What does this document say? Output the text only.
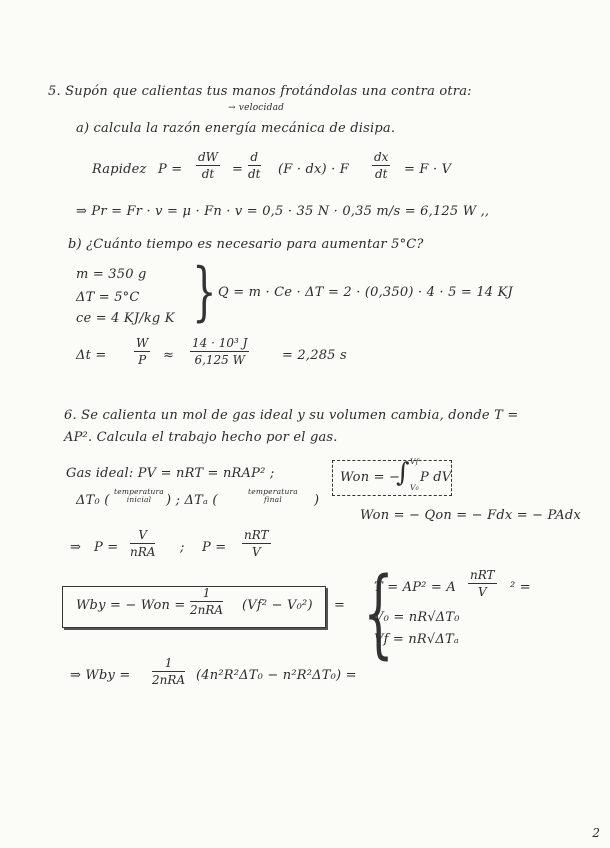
5. Supón que calientas tus manos frotándolas una contra otra:
→ velocidad
a) calcula la razón energía mecánica de disipa.
Rapidez P =
dW
dt =
d
dt (F · dx) · F
dx
dt = F · V
⇒ Pr = Fr · v = μ · Fn · v = 0,5 · 35 N · 0,35 m/s = 6,125 W ,,
b) ¿Cuánto tiempo es necesario para aumentar 5°C?
m = 350 g
ΔT = 5°C
ce = 4 KJ/kg K } Q = m · Ce · ΔT = 2 · (0,350) · 4 · 5 = 14 KJ
Δt =
W
P ≈
14 · 10³ J
6,125 W	= 2,285 s
6. Se calienta un mol de gas ideal y su volumen cambia, donde T =
AP². Calcula el trabajo hecho por el gas.
Gas ideal: PV = nRT = nRAP² ;
ΔT₀ (
temperatura
inicial	) ; ΔTₐ (
temperatura
final	)
Won = −
∫ Vf
V₀
P dV
Won = − Qon = − Fdx = − PAdx
⇒ P =
V
nRA ; P =
nRT
V
Wby = − Won =
1
2nRA (Vf² − V₀²) = {
T = AP² = A
nRT
V ² =
V₀ = nR√ΔT₀
Vf = nR√ΔTₐ
⇒ Wby =
1
2nRA (4n²R²ΔT₀ − n²R²ΔT₀) =
2
